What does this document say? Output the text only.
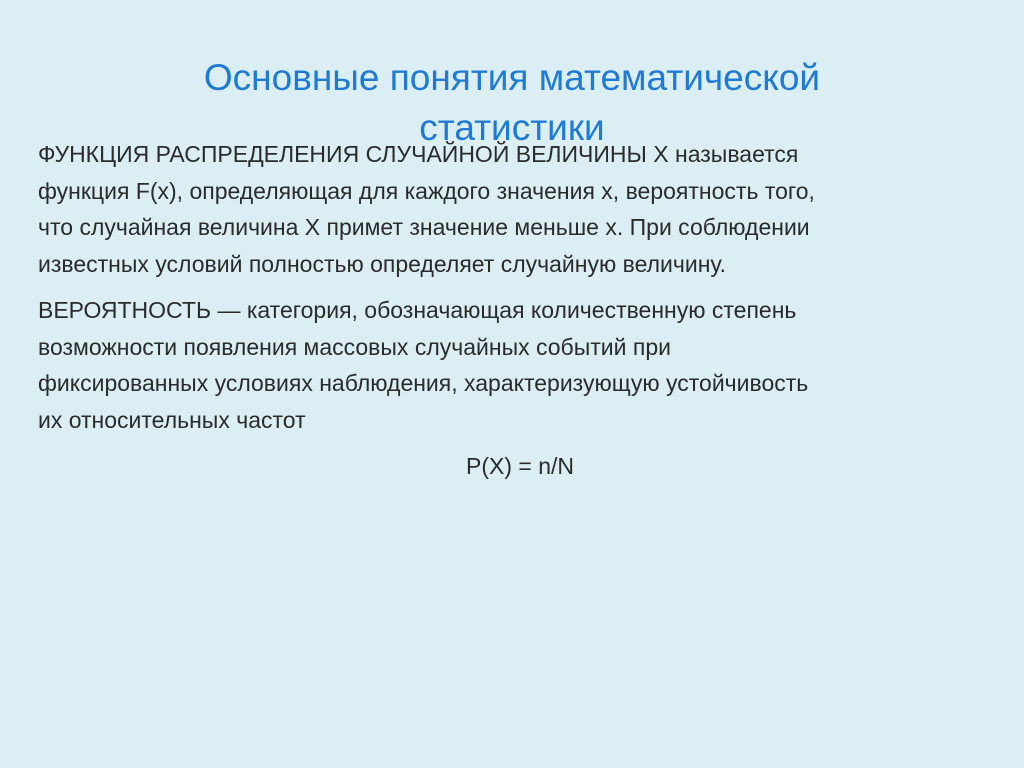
Основные понятия математической
статистики

ФУНКЦИЯ РАСПРЕДЕЛЕНИЯ СЛУЧАЙНОЙ ВЕЛИЧИНЫ Х называется
функция F(x), определяющая для каждого значения x, вероятность того,
что случайная величина Х примет значение меньше x. При соблюдении
известных условий полностью определяет случайную величину.

ВЕРОЯТНОСТЬ — категория, обозначающая количественную степень
возможности появления массовых случайных событий при
фиксированных условиях наблюдения, характеризующую устойчивость
их относительных частот

P(X) = n/N
